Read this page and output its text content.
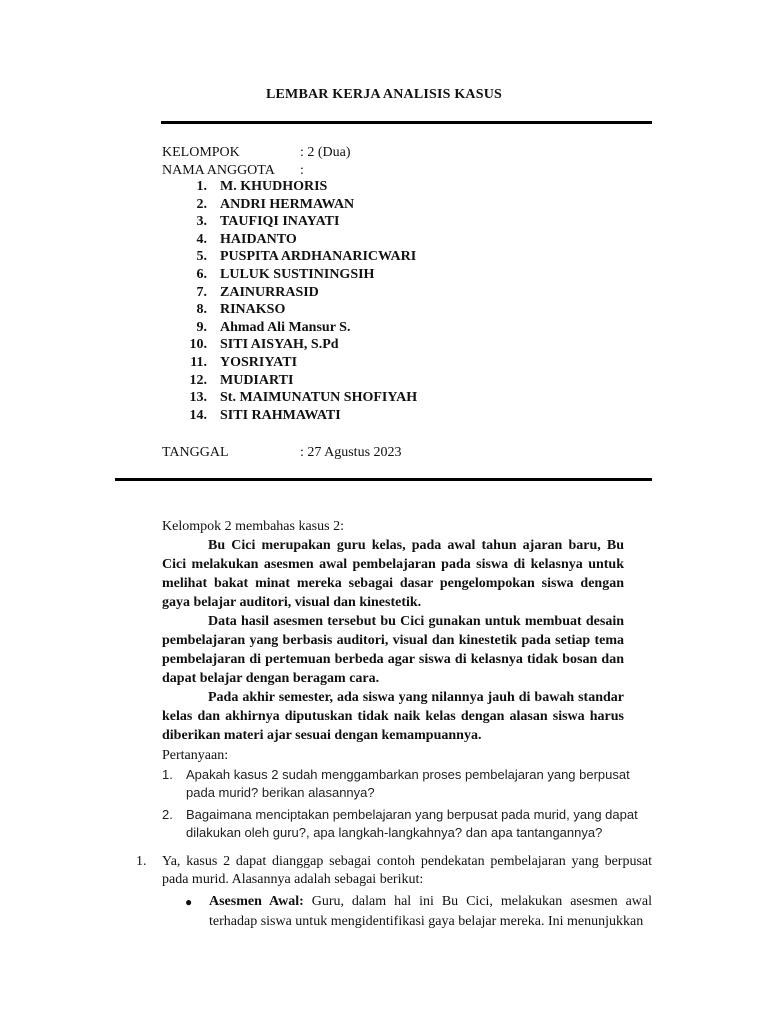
LEMBAR KERJA ANALISIS KASUS
KELOMPOK	: 2 (Dua)
NAMA ANGGOTA :
1. M. KHUDHORIS
2. ANDRI HERMAWAN
3. TAUFIQI INAYATI
4. HAIDANTO
5. PUSPITA ARDHANARICWARI
6. LULUK SUSTININGSIH
7. ZAINURRASID
8. RINAKSO
9. Ahmad Ali Mansur S.
10. SITI AISYAH, S.Pd
11. YOSRIYATI
12. MUDIARTI
13. St. MAIMUNATUN SHOFIYAH
14. SITI RAHMAWATI
TANGGAL	: 27 Agustus 2023
Kelompok 2 membahas kasus 2:

Bu Cici merupakan guru kelas, pada awal tahun ajaran baru, Bu Cici melakukan asesmen awal pembelajaran pada siswa di kelasnya untuk melihat bakat minat mereka sebagai dasar pengelompokan siswa dengan gaya belajar auditori, visual dan kinestetik.

Data hasil asesmen tersebut bu Cici gunakan untuk membuat desain pembelajaran yang berbasis auditori, visual dan kinestetik pada setiap tema pembelajaran di pertemuan berbeda agar siswa di kelasnya tidak bosan dan dapat belajar dengan beragam cara.

Pada akhir semester, ada siswa yang nilannya jauh di bawah standar kelas dan akhirnya diputuskan tidak naik kelas dengan alasan siswa harus diberikan materi ajar sesuai dengan kemampuannya.

Pertanyaan:
1.	Apakah kasus 2 sudah menggambarkan proses pembelajaran yang berpusat pada murid? berikan alasannya?
2.	Bagaimana menciptakan pembelajaran yang berpusat pada murid, yang dapat dilakukan oleh guru?, apa langkah-langkahnya? dan apa tantangannya?
1.	Ya, kasus 2 dapat dianggap sebagai contoh pendekatan pembelajaran yang berpusat pada murid. Alasannya adalah sebagai berikut:
●	Asesmen Awal: Guru, dalam hal ini Bu Cici, melakukan asesmen awal terhadap siswa untuk mengidentifikasi gaya belajar mereka. Ini menunjukkan
